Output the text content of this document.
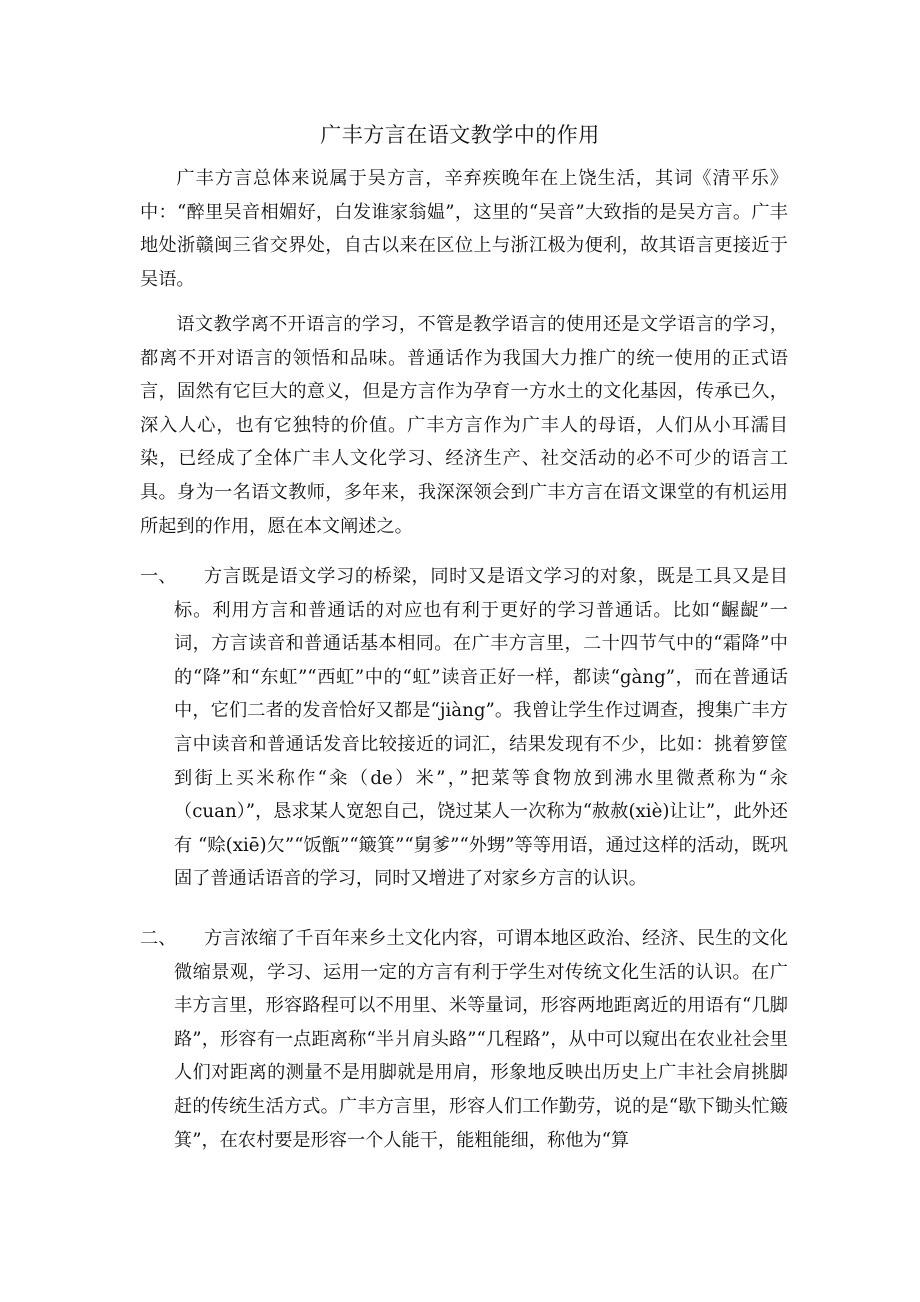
广丰方言在语文教学中的作用

广丰方言总体来说属于吴方言，辛弃疾晚年在上饶生活，其词《清平乐》中：“醉里吴音相媚好，白发谁家翁媪”，这里的“吴音”大致指的是吴方言。广丰地处浙赣闽三省交界处，自古以来在区位上与浙江极为便利，故其语言更接近于吴语。

语文教学离不开语言的学习，不管是教学语言的使用还是文学语言的学习，都离不开对语言的领悟和品味。普通话作为我国大力推广的统一使用的正式语言，固然有它巨大的意义，但是方言作为孕育一方水土的文化基因，传承已久，深入人心，也有它独特的价值。广丰方言作为广丰人的母语，人们从小耳濡目染，已经成了全体广丰人文化学习、经济生产、社交活动的必不可少的语言工具。身为一名语文教师，多年来，我深深领会到广丰方言在语文课堂的有机运用所起到的作用，愿在本文阐述之。

一、	方言既是语文学习的桥梁，同时又是语文学习的对象，既是工具又是目标。利用方言和普通话的对应也有利于更好的学习普通话。比如“齷齪”一词，方言读音和普通话基本相同。在广丰方言里，二十四节气中的“霜降”中的“降”和“东虹”“西虹”中的“虹”读音正好一样，都读“gàng”，而在普通话中，它们二者的发音恰好又都是“jiàng”。我曾让学生作过调查，搜集广丰方言中读音和普通话发音比较接近的词汇，结果发现有不少，比如：挑着箩筐到街上买米称作“籴（de）米”，”把菜等食物放到沸水里微煮称为“汆（cuan）”，恳求某人宽恕自己，饶过某人一次称为“赦赦(xiè)让让”，此外还有 “赊(xiē)欠”“饭甑”“簸箕”“舅爹”“外甥”等等用语，通过这样的活动，既巩固了普通话语音的学习，同时又增进了对家乡方言的认识。

二、	方言浓缩了千百年来乡土文化内容，可谓本地区政治、经济、民生的文化微缩景观，学习、运用一定的方言有利于学生对传统文化生活的认识。在广丰方言里，形容路程可以不用里、米等量词，形容两地距离近的用语有“几脚路”，形容有一点距离称“半爿肩头路”“几程路”，从中可以窥出在农业社会里人们对距离的测量不是用脚就是用肩，形象地反映出历史上广丰社会肩挑脚赶的传统生活方式。广丰方言里，形容人们工作勤劳，说的是“歇下锄头忙簸箕”，在农村要是形容一个人能干，能粗能细，称他为“算
